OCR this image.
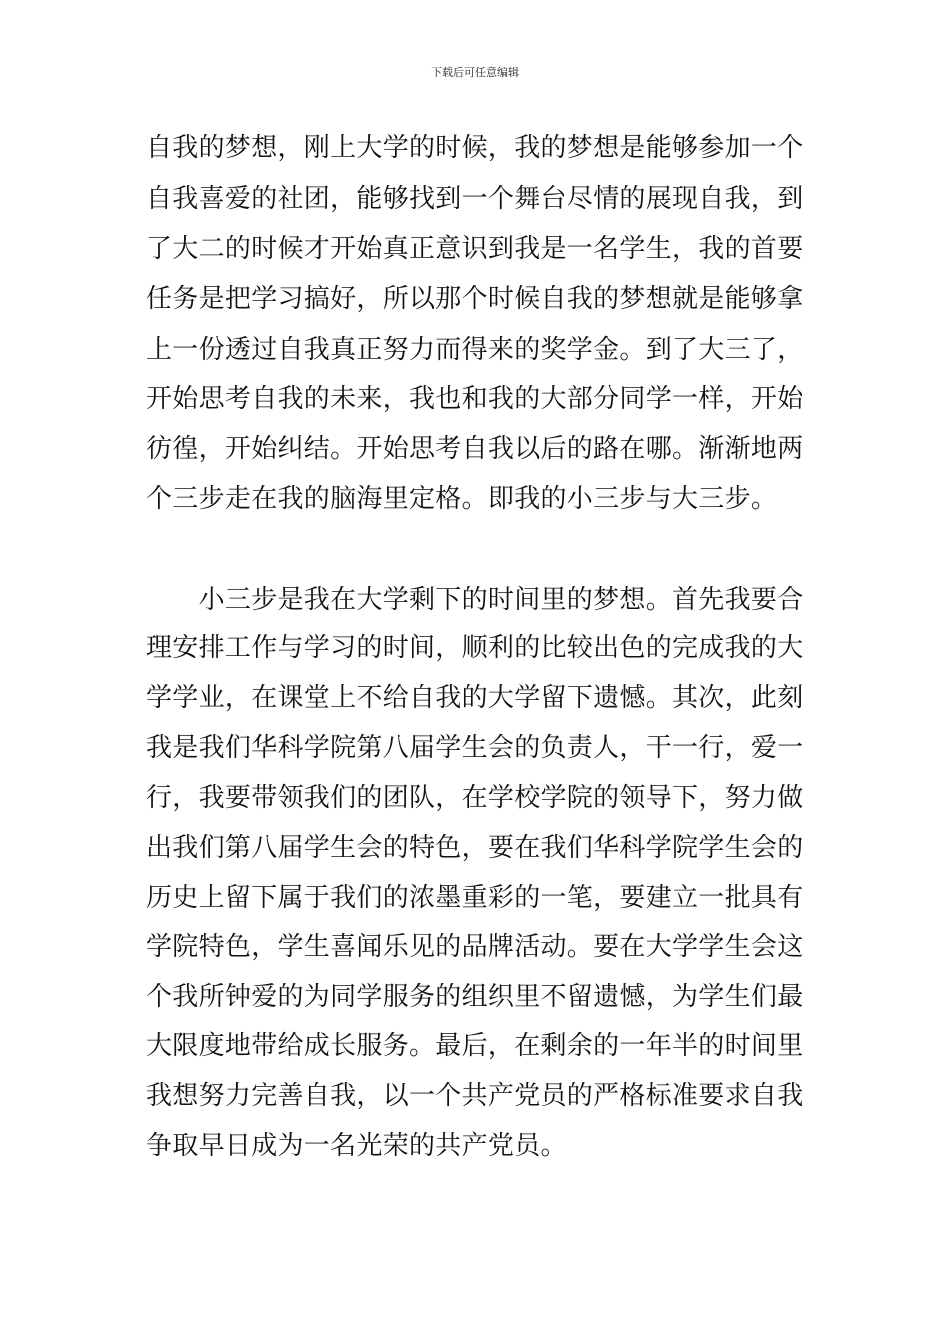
下载后可任意编辑
自我的梦想，刚上大学的时候，我的梦想是能够参加一个
自我喜爱的社团，能够找到一个舞台尽情的展现自我，到
了大二的时候才开始真正意识到我是一名学生，我的首要
任务是把学习搞好，所以那个时候自我的梦想就是能够拿
上一份透过自我真正努力而得来的奖学金。到了大三了，
开始思考自我的未来，我也和我的大部分同学一样，开始
彷徨，开始纠结。开始思考自我以后的路在哪。渐渐地两
个三步走在我的脑海里定格。即我的小三步与大三步。
　　小三步是我在大学剩下的时间里的梦想。首先我要合
理安排工作与学习的时间，顺利的比较出色的完成我的大
学学业，在课堂上不给自我的大学留下遗憾。其次，此刻
我是我们华科学院第八届学生会的负责人，干一行，爱一
行，我要带领我们的团队，在学校学院的领导下，努力做
出我们第八届学生会的特色，要在我们华科学院学生会的
历史上留下属于我们的浓墨重彩的一笔，要建立一批具有
学院特色，学生喜闻乐见的品牌活动。要在大学学生会这
个我所钟爱的为同学服务的组织里不留遗憾，为学生们最
大限度地带给成长服务。最后，在剩余的一年半的时间里
我想努力完善自我，以一个共产党员的严格标准要求自我
争取早日成为一名光荣的共产党员。
